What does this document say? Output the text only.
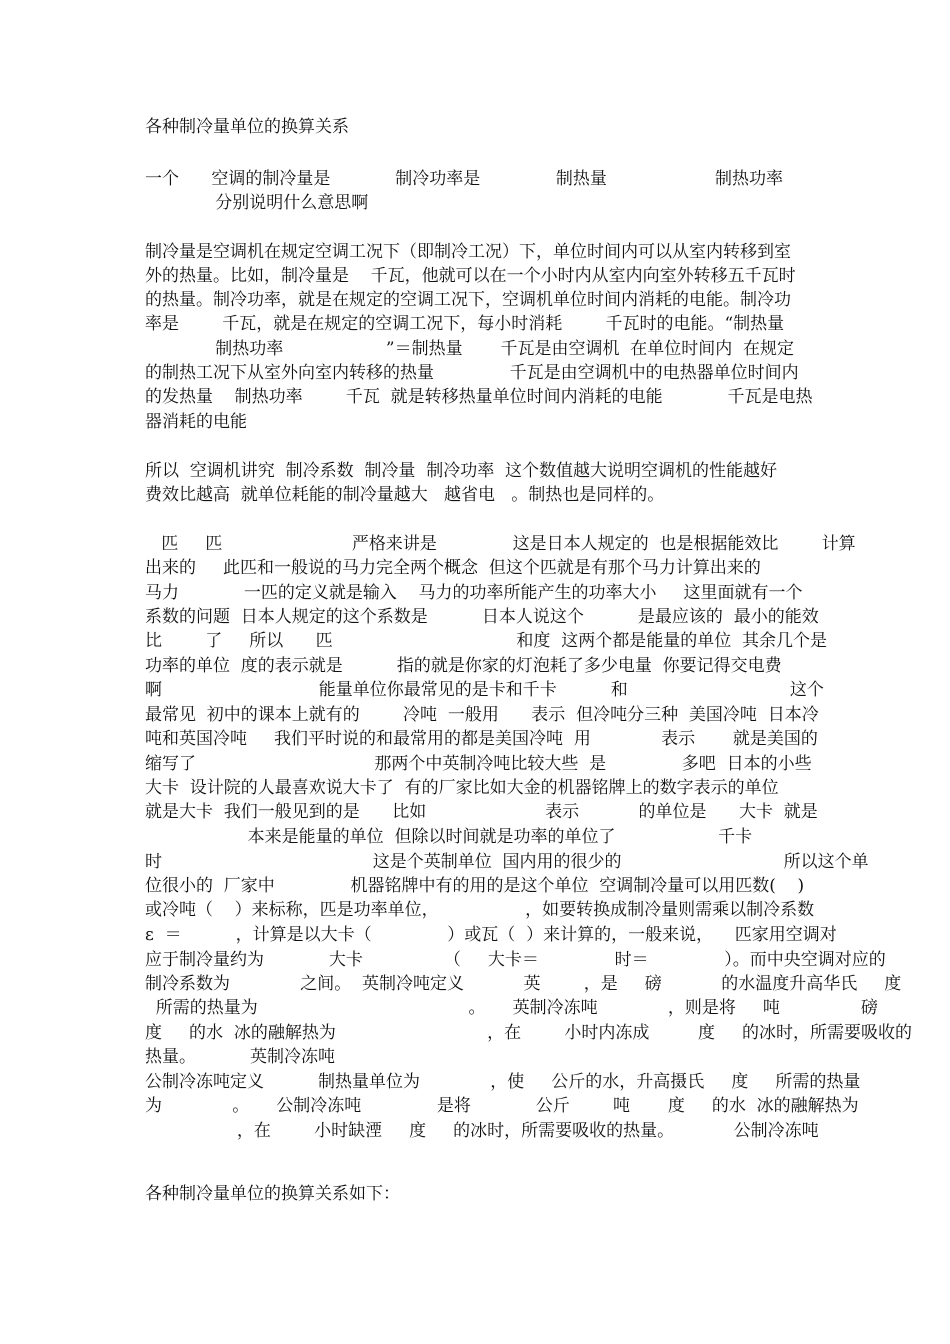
各种制冷量单位的换算关系
一个      空调的制冷量是            制冷功率是              制热量                    制热功率
分别说明什么意思啊
制冷量是空调机在规定空调工况下（即制冷工况）下，单位时间内可以从室内转移到室
外的热量。比如，制冷量是    千瓦，他就可以在一个小时内从室内向室外转移五千瓦时
的热量。制冷功率，就是在规定的空调工况下，空调机单位时间内消耗的电能。制冷功
率是        千瓦，就是在规定的空调工况下，每小时消耗        千瓦时的电能。“制热量
制热功率                   ”＝制热量       千瓦是由空调机  在单位时间内  在规定
的制热工况下从室外向室内转移的热量              千瓦是由空调机中的电热器单位时间内
的发热量    制热功率        千瓦  就是转移热量单位时间内消耗的电能            千瓦是电热
器消耗的电能
所以  空调机讲究  制冷系数  制冷量  制冷功率  这个数值越大说明空调机的性能越好
费效比越高  就单位耗能的制冷量越大   越省电   。制热也是同样的。
匹     匹                        严格来讲是              这是日本人规定的  也是根据能效比        计算
出来的     此匹和一般说的马力完全两个概念  但这个匹就是有那个马力计算出来的
马力            一匹的定义就是输入    马力的功率所能产生的功率大小     这里面就有一个
系数的问题  日本人规定的这个系数是          日本人说这个          是最应该的  最小的能效
比        了     所以      匹                                  和度  这两个都是能量的单位  其余几个是
功率的单位  度的表示就是          指的就是你家的灯泡耗了多少电量  你要记得交电费
啊                             能量单位你最常见的是卡和千卡          和                              这个
最常见  初中的课本上就有的        冷吨  一般用      表示  但冷吨分三种  美国冷吨  日本冷
吨和英国冷吨     我们平时说的和最常用的都是美国冷吨  用             表示       就是美国的
缩写了                                 那两个中英制冷吨比较大些  是              多吧  日本的小些
大卡  设计院的人最喜欢说大卡了  有的厂家比如大金的机器铭牌上的数字表示的单位
就是大卡  我们一般见到的是      比如                      表示           的单位是      大卡  就是
本来是能量的单位  但除以时间就是功率的单位了                   千卡
时                                       这是个英制单位  国内用的很少的                              所以这个单
位很小的  厂家中              机器铭牌中有的用的是这个单位  空调制冷量可以用匹数(    )
或冷吨（    ）来标称，匹是功率单位，                ，如要转换成制冷量则需乘以制冷系数
ε  ＝          ，计算是以大卡（              ）或瓦（  ）来计算的，一般来说，    匹家用空调对
应于制冷量约为            大卡               （     大卡＝              时＝              ）。而中央空调对应的
制冷系数为             之间。  英制冷吨定义           英        ，是     磅           的水温度升高华氏     度
所需的热量为                                       。     英制冷冻吨             ，则是将     吨               磅
度     的水  冰的融解热为                            ，在        小时内冻成         度     的冰时，所需要吸收的
热量。          英制冷冻吨
公制冷冻吨定义          制热量单位为             ，使     公斤的水，升高摄氏     度     所需的热量
为             。     公制冷冻吨              是将            公斤        吨       度     的水  冰的融解热为
，在        小时缺湮     度     的冰时，所需要吸收的热量。           公制冷冻吨
各种制冷量单位的换算关系如下：
